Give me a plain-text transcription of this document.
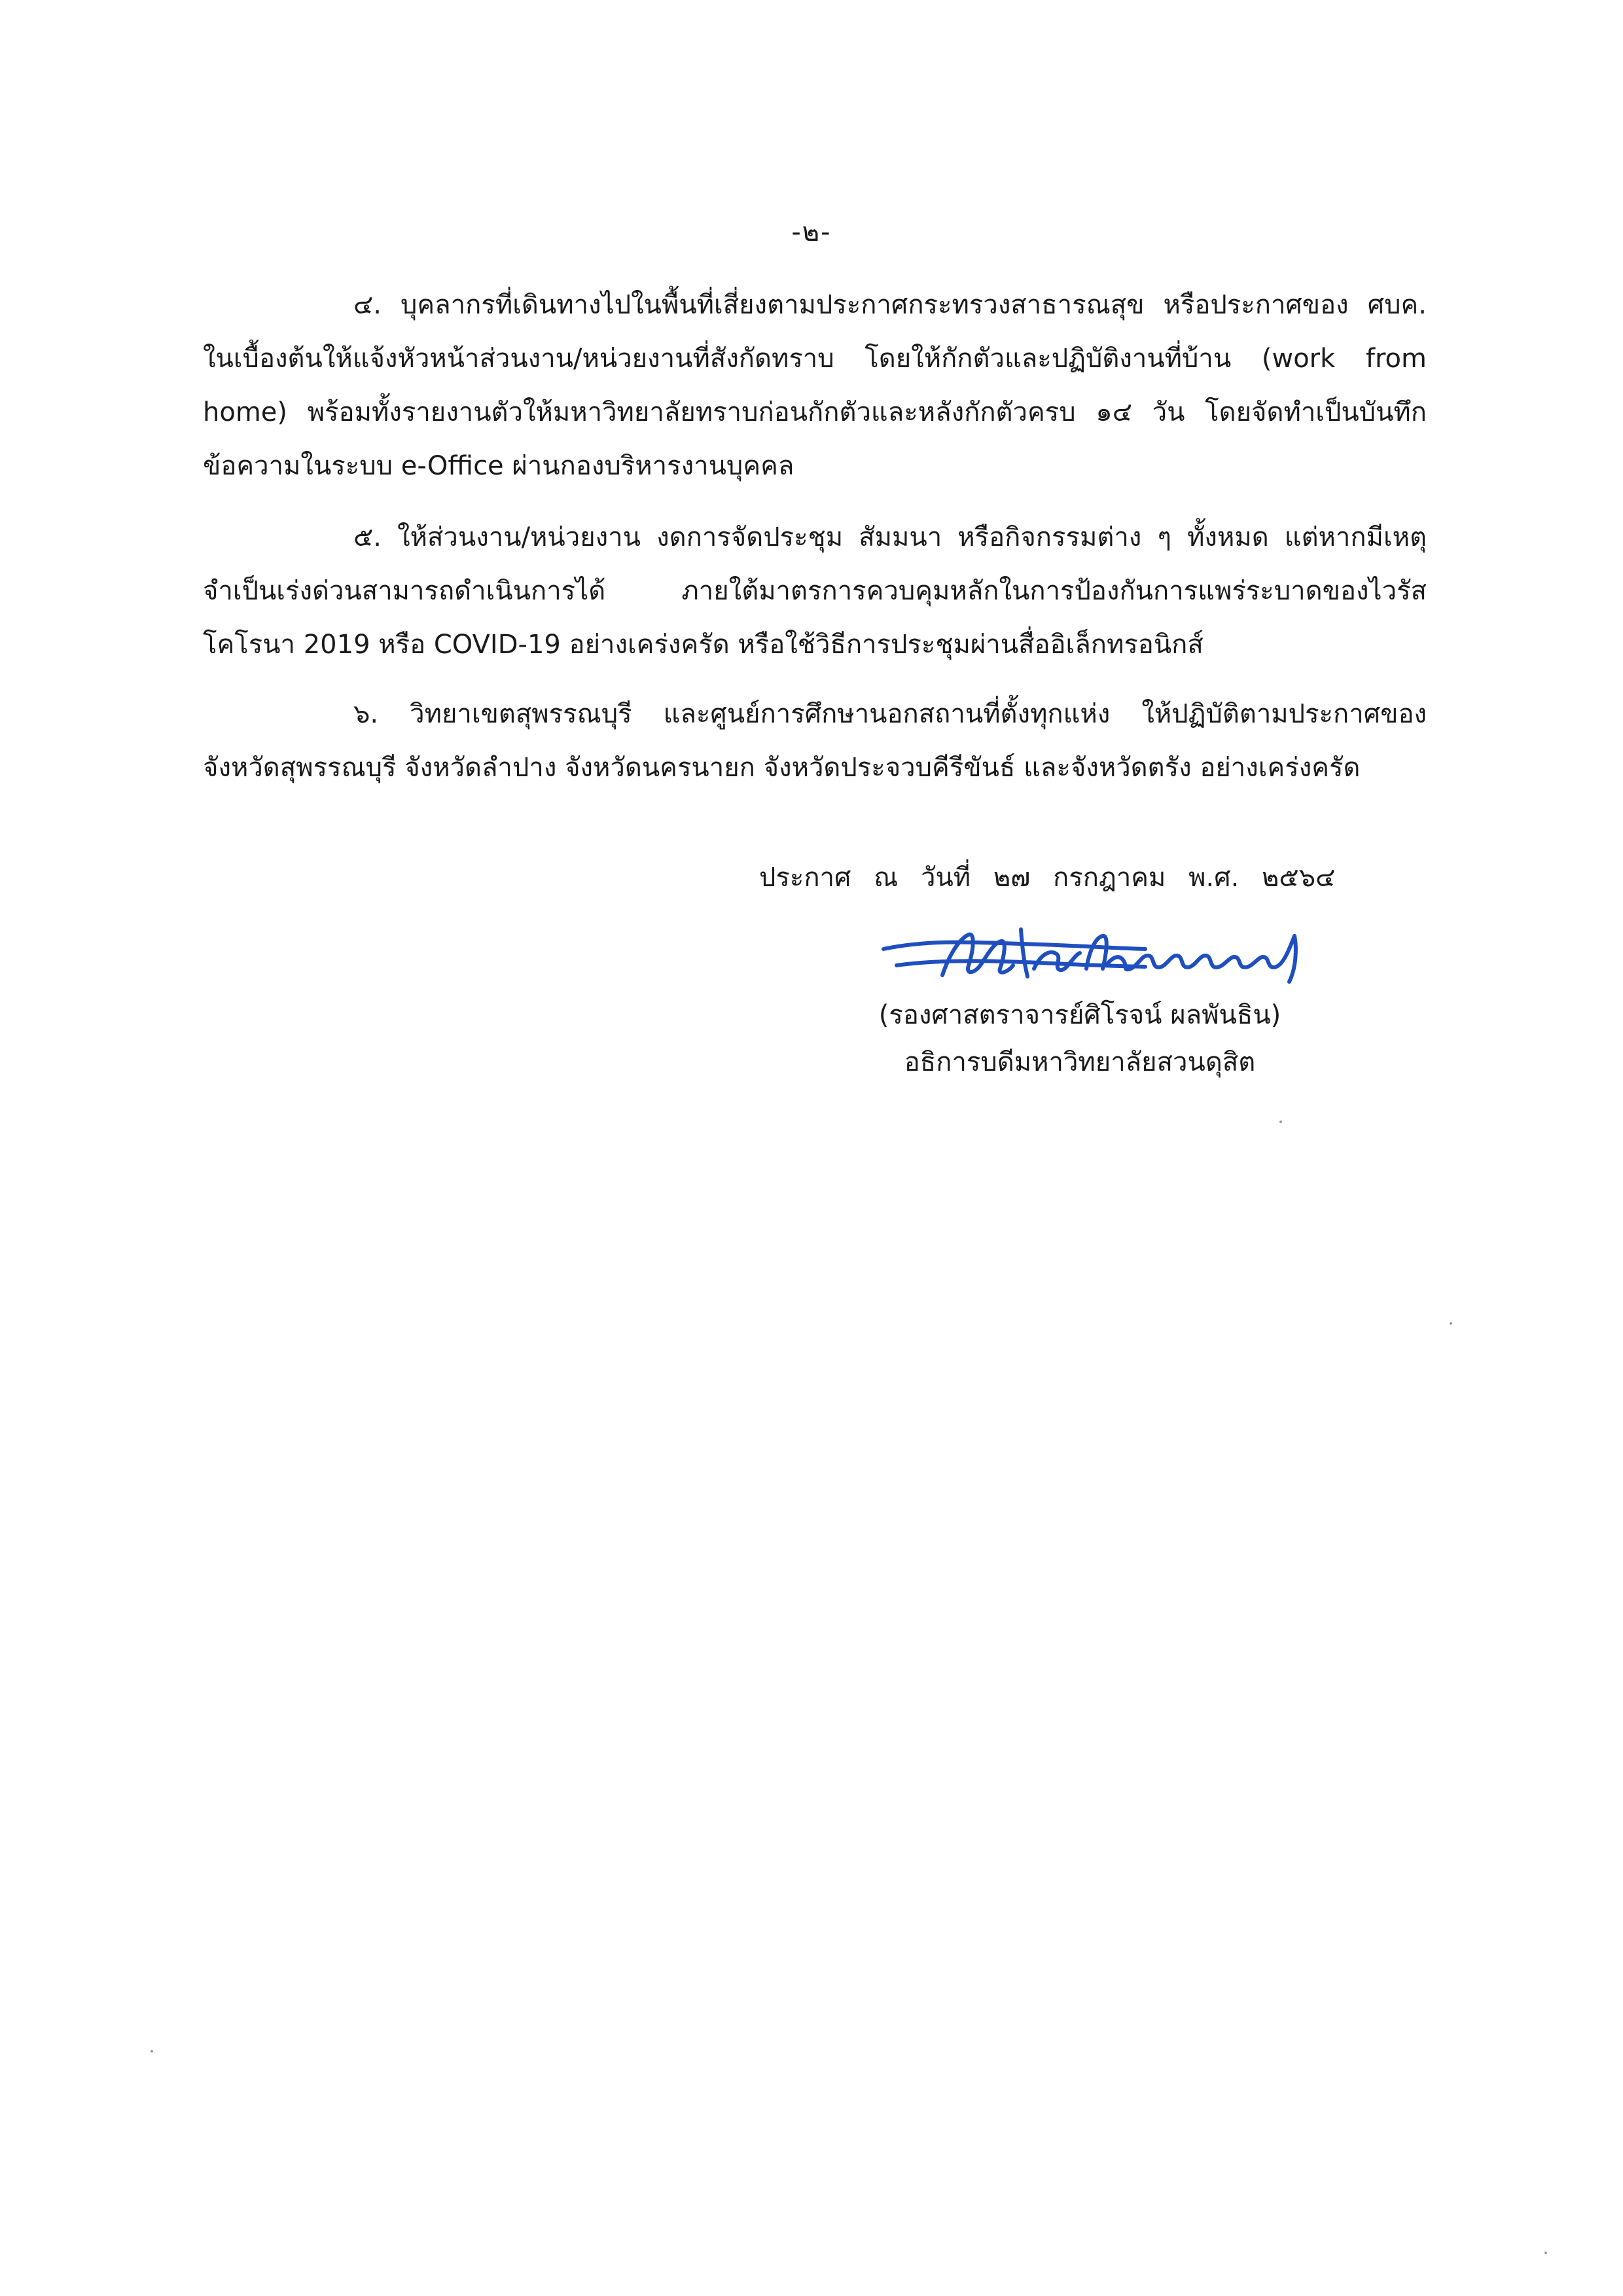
-๒-

๔. บุคลากรที่เดินทางไปในพื้นที่เสี่ยงตามประกาศกระทรวงสาธารณสุข หรือประกาศของ ศบค. ในเบื้องต้นให้แจ้งหัวหน้าส่วนงาน/หน่วยงานที่สังกัดทราบ โดยให้กักตัวและปฏิบัติงานที่บ้าน (work from home) พร้อมทั้งรายงานตัวให้มหาวิทยาลัยทราบก่อนกักตัวและหลังกักตัวครบ ๑๔ วัน โดยจัดทำเป็นบันทึกข้อความในระบบ e-Office ผ่านกองบริหารงานบุคคล

๕. ให้ส่วนงาน/หน่วยงาน งดการจัดประชุม สัมมนา หรือกิจกรรมต่าง ๆ ทั้งหมด แต่หากมีเหตุจำเป็นเร่งด่วนสามารถดำเนินการได้ ภายใต้มาตรการควบคุมหลักในการป้องกันการแพร่ระบาดของไวรัสโคโรนา 2019 หรือ COVID-19 อย่างเคร่งครัด หรือใช้วิธีการประชุมผ่านสื่ออิเล็กทรอนิกส์

๖. วิทยาเขตสุพรรณบุรี และศูนย์การศึกษานอกสถานที่ตั้งทุกแห่ง ให้ปฏิบัติตามประกาศของจังหวัดสุพรรณบุรี จังหวัดลำปาง จังหวัดนครนายก จังหวัดประจวบคีรีขันธ์ และจังหวัดตรัง อย่างเคร่งครัด

ประกาศ ณ วันที่ ๒๗ กรกฎาคม พ.ศ. ๒๕๖๔
(รองศาสตราจารย์ศิโรจน์ ผลพันธิน)
อธิการบดีมหาวิทยาลัยสวนดุสิต
